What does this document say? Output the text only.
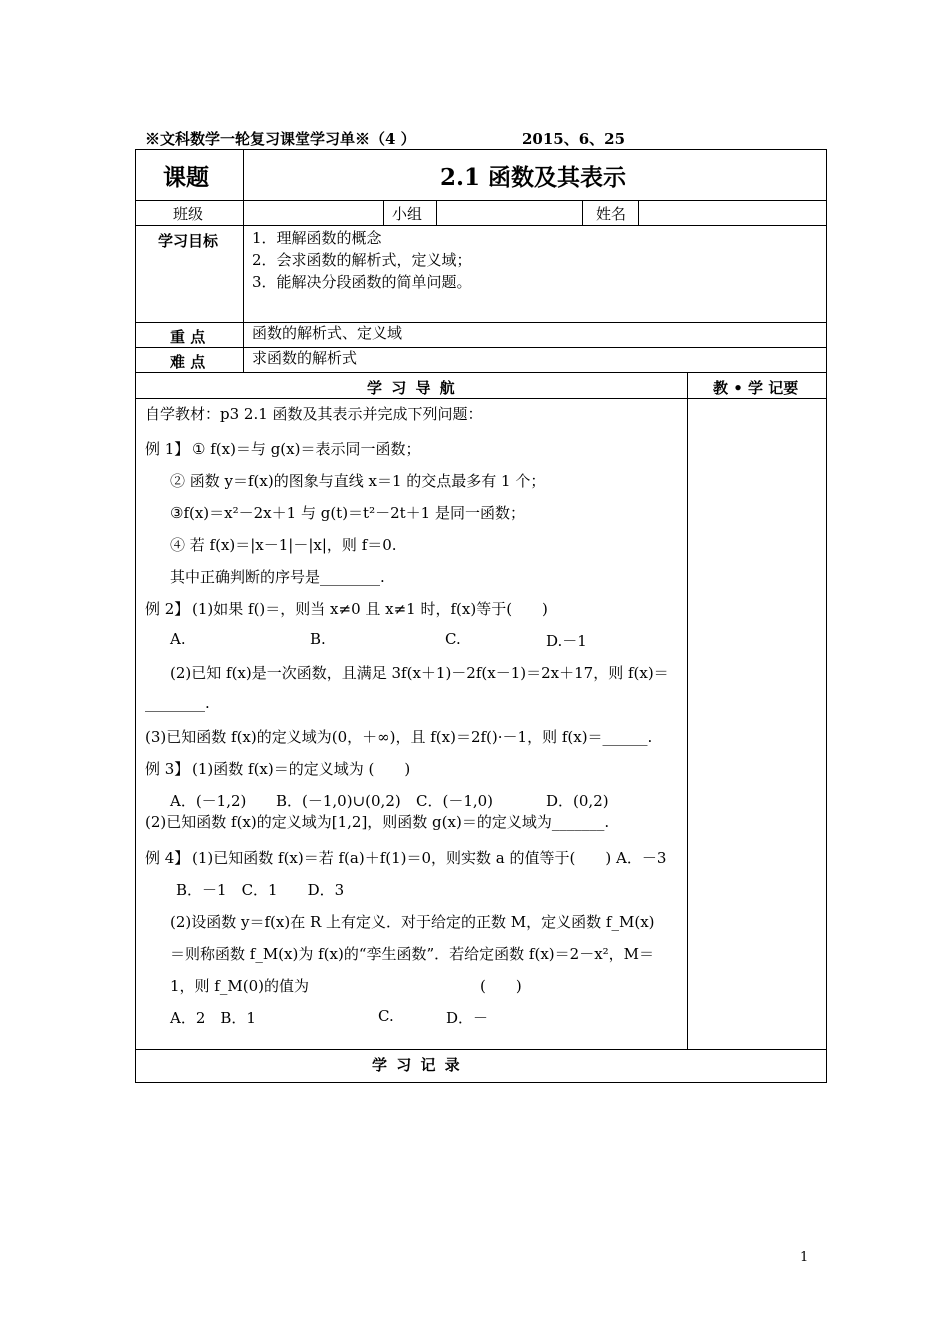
※文科数学一轮复习课堂学习单※（4 ）	2015、6、25
课题	2.1 函数及其表示
班级	小组	姓名
学习目标 1．理解函数的概念
2．会求函数的解析式，定义域；
3．能解决分段函数的简单问题。
重 点	函数的解析式、定义域
难 点	求函数的解析式
学 习 导 航	教 • 学 记要
自学教材：p3 2.1 函数及其表示并完成下列问题：
例 1】 ① f(x)＝与 g(x)＝表示同一函数；
② 函数 y＝f(x)的图象与直线 x＝1 的交点最多有 1 个；
③f(x)＝x²－2x＋1 与 g(t)＝t²－2t＋1 是同一函数；
④ 若 f(x)＝|x－1|－|x|，则 f＝0.
其中正确判断的序号是________.
例 2】 (1)如果 f()＝，则当 x≠0 且 x≠1 时，f(x)等于(　　)
A.	B.	C.	D.－1
(2)已知 f(x)是一次函数，且满足 3f(x＋1)－2f(x－1)＝2x＋17，则 f(x)＝
________.
(3)已知函数 f(x)的定义域为(0，＋∞)，且 f(x)＝2f()·－1，则 f(x)＝______.
例 3】 (1)函数 f(x)＝的定义域为 (　　)
A．(－1,2) B．(－1,0)∪(0,2) C．(－1,0)	D．(0,2)
(2)已知函数 f(x)的定义域为[1,2]，则函数 g(x)＝的定义域为_______.
例 4】 (1)已知函数 f(x)＝若 f(a)＋f(1)＝0，则实数 a 的值等于(　　) A．－3
B．－1　C．1　　D．3
(2)设函数 y＝f(x)在 R 上有定义．对于给定的正数 M，定义函数 f_M(x)
＝则称函数 f_M(x)为 f(x)的“孪生函数”．若给定函数 f(x)＝2－x²，M＝
1，则 f_M(0)的值为	(　　)
A．2　B．1	C.	D．－
学 习 记 录
1
